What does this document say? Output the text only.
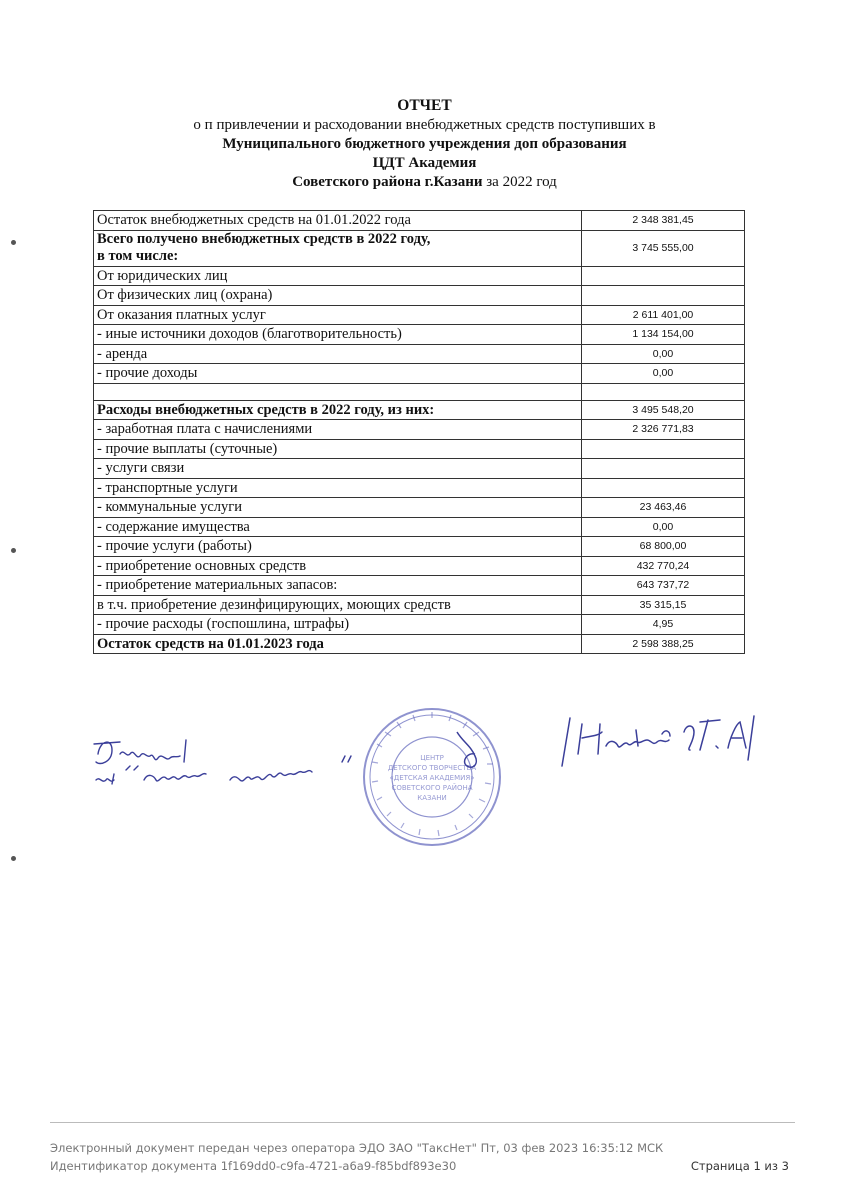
ОТЧЕТ
о п привлечении и расходовании внебюджетных средств поступивших в
Муниципального бюджетного учреждения доп образования
ЦДТ Академия
Советского района г.Казани за 2022 год
Остаток внебюджетных средств на 01.01.2022 года	2 348 381,45

Всего получено внебюджетных средств в 2022 году,
в том числе:	3 745 555,00
От юридических лиц	
От физических лиц (охрана)	
От оказания платных услуг	2 611 401,00
- иные источники доходов (благотворительность)	1 134 154,00
- аренда	0,00
- прочие доходы	0,00

Расходы внебюджетных средств в 2022 году, из них:	3 495 548,20
- заработная плата с начислениями	2 326 771,83
- прочие выплаты (суточные)	
- услуги связи	
- транспортные услуги	
- коммунальные услуги	23 463,46
- содержание имущества	0,00
- прочие услуги (работы)	68 800,00
- приобретение основных средств	432 770,24
- приобретение материальных запасов:	643 737,72
в т.ч. приобретение дезинфицирующих, моющих средств	35 315,15
- прочие расходы (госпошлина, штрафы)	4,95
Остаток средств на 01.01.2023 года	2 598 388,25
ЦЕНТР
ДЕТСКОГО ТВОРЧЕСТВА
«ДЕТСКАЯ АКАДЕМИЯ»
СОВЕТСКОГО РАЙОНА
КАЗАНИ
Электронный документ передан через оператора ЭДО ЗАО "ТаксНет" Пт, 03 фев 2023 16:35:12 МСК
Идентификатор документа 1f169dd0-c9fa-4721-a6a9-f85bdf893e30	Страница 1 из 3
